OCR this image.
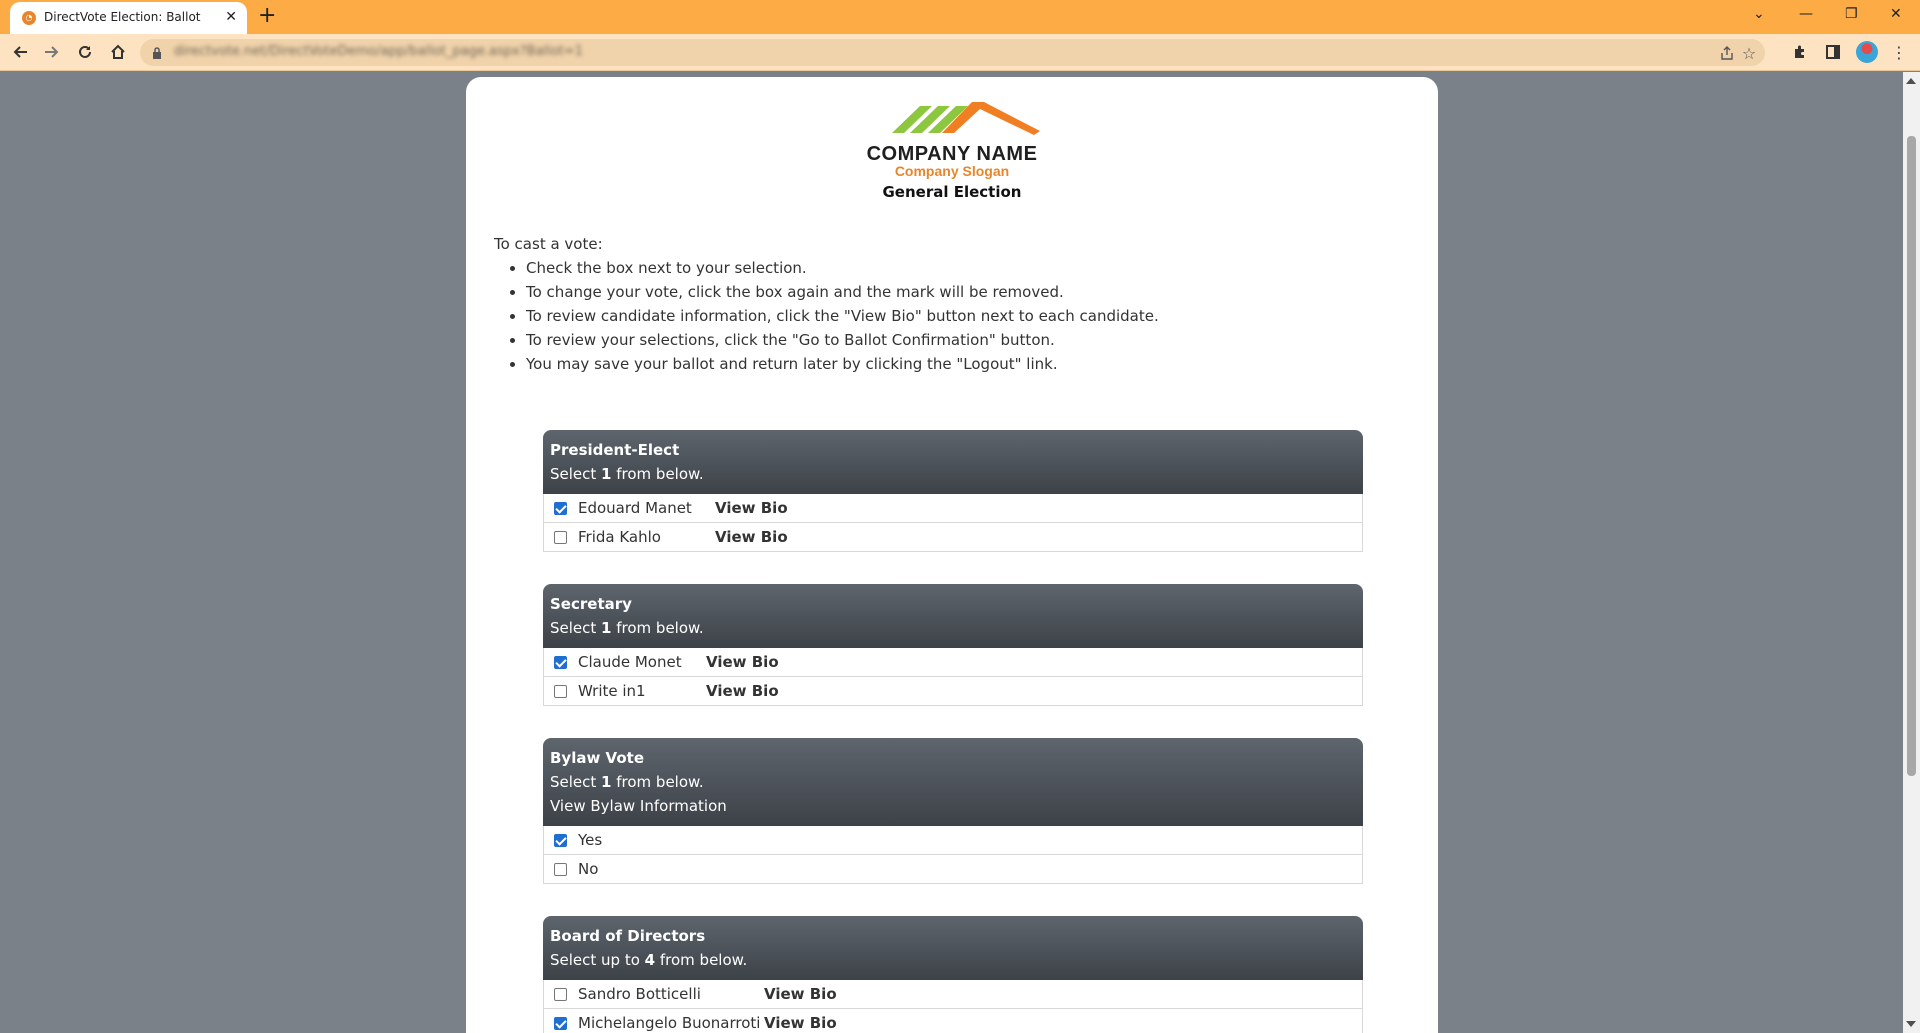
◔ DirectVote Election: Ballot ✕ +	⌄ — ❐ ✕
directvote.net/DirectVoteDemo/app/ballot_page.aspx?Ballot=1	☆	⋮
COMPANY NAME
Company Slogan
General Election
To cast a vote:
• Check the box next to your selection.
• To change your vote, click the box again and the mark will be removed.
• To review candidate information, click the "View Bio" button next to each candidate.
• To review your selections, click the "Go to Ballot Confirmation" button.
• You may save your ballot and return later by clicking the "Logout" link.
President-Elect
Select 1 from below.
Edouard Manet View Bio
Frida Kahlo	View Bio
Secretary
Select 1 from below.
Claude Monet View Bio
Write in1	View Bio
Bylaw Vote
Select 1 from below.
View Bylaw Information
Yes
No
Board of Directors
Select up to 4 from below.
Sandro Botticelli	View Bio
Michelangelo Buonarroti View Bio
